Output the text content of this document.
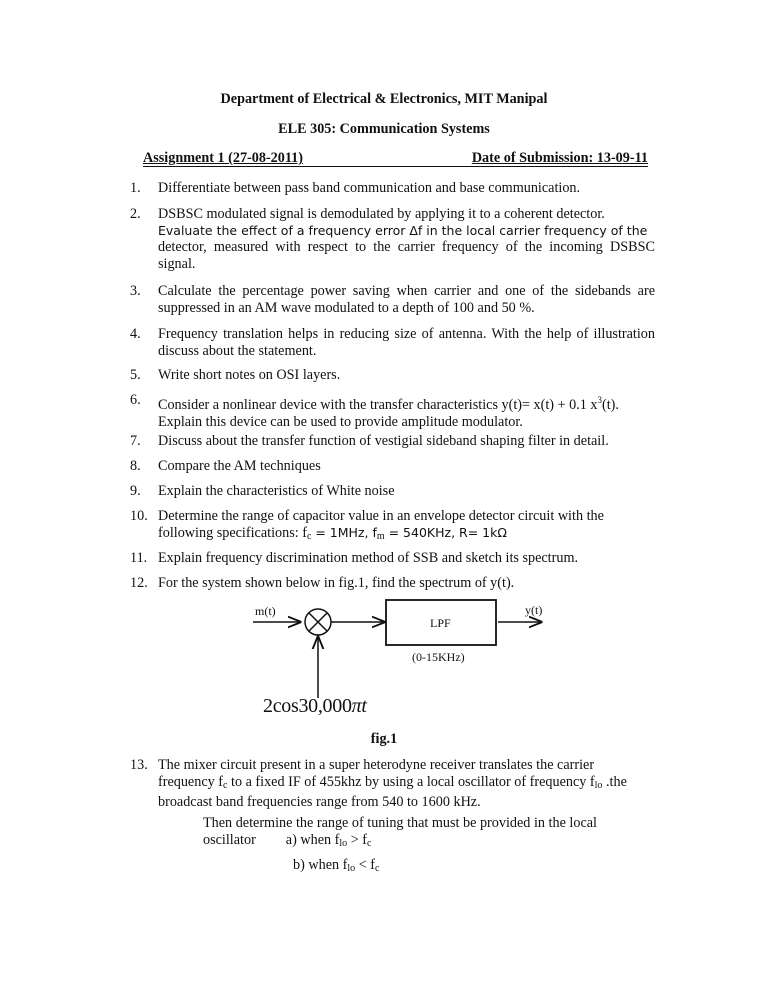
Department of Electrical & Electronics, MIT Manipal
ELE 305: Communication Systems
Assignment 1 (27-08-2011)	Date of Submission: 13-09-11
1. Differentiate between pass band communication and base communication.
2. DSBSC modulated signal is demodulated by applying it to a coherent detector.
Evaluate the effect of a frequency error Δf in the local carrier frequency of the
detector, measured with respect to the carrier frequency of the incoming DSBSC signal.
3. Calculate the percentage power saving when carrier and one of the sidebands are suppressed in an AM wave modulated to a depth of 100 and 50 %.
4. Frequency translation helps in reducing size of antenna. With the help of illustration discuss about the statement.
5. Write short notes on OSI layers.
6. Consider a nonlinear device with the transfer characteristics y(t)= x(t) + 0.1 $x^3(t)$.
Explain this device can be used to provide amplitude modulator.
7. Discuss about the transfer function of vestigial sideband shaping filter in detail.
8. Compare the AM techniques
9. Explain the characteristics of White noise
10. Determine the range of capacitor value in an envelope detector circuit with the
following specifications: $f_c = 1MHz$, $f_m = 540KHz$, R= 1kΩ
11. Explain frequency discrimination method of SSB and sketch its spectrum.
12. For the system shown below in fig.1, find the spectrum of y(t).
m(t)	y(t)
LPF
(0-15KHz)
2cos30,000πt
fig.1
13. The mixer circuit present in a super heterodyne receiver translates the carrier
frequency $f_c$ to a fixed IF of 455khz by using a local oscillator of frequency $f_{lo}$ .the
broadcast band frequencies range from 540 to 1600 kHz.
Then determine the range of tuning that must be provided in the local
oscillator a) when $f_{lo} > f_c$
b) when $f_{lo} < f_c$
